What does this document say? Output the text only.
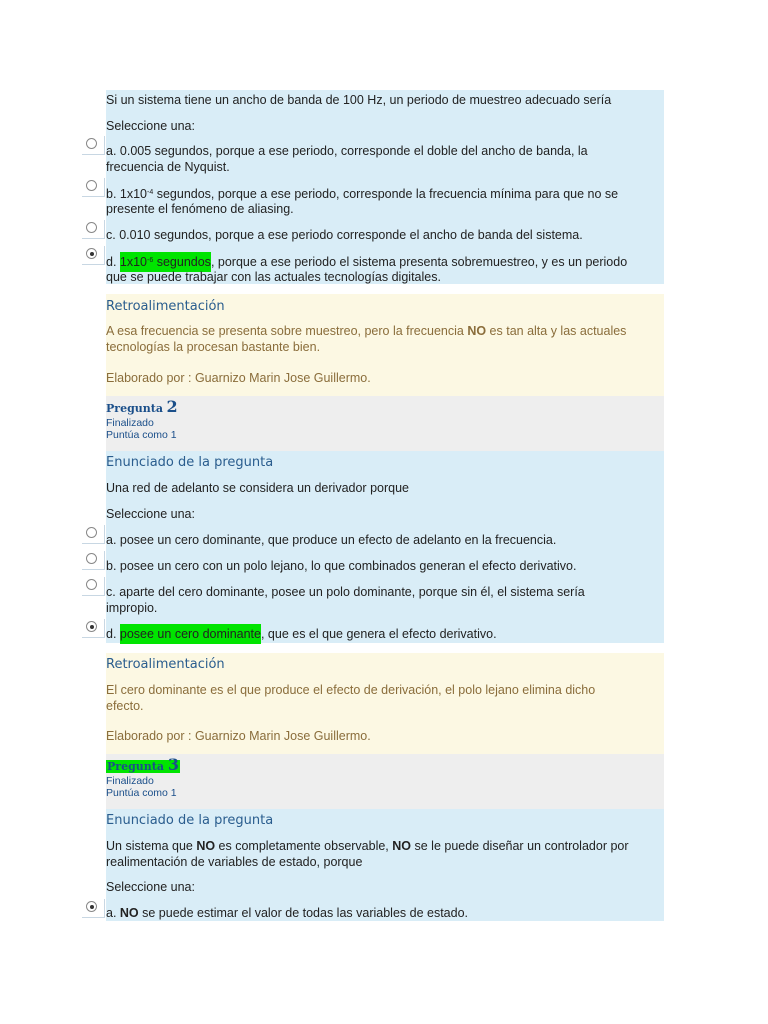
Si un sistema tiene un ancho de banda de 100 Hz, un periodo de muestreo adecuado sería
Seleccione una:
a. 0.005 segundos, porque a ese periodo, corresponde el doble del ancho de banda, la
frecuencia de Nyquist.
b. $1x10^{-4}$ segundos, porque a ese periodo, corresponde la frecuencia mínima para que no se
presente el fenómeno de aliasing.
c. 0.010 segundos, porque a ese periodo corresponde el ancho de banda del sistema.
d. $1x10^{-6}$ segundos, porque a ese periodo el sistema presenta sobremuestreo, y es un periodo
que se puede trabajar con las actuales tecnologías digitales.
Retroalimentación
A esa frecuencia se presenta sobre muestreo, pero la frecuencia NO es tan alta y las actuales
tecnologías la procesan bastante bien.
Elaborado por : Guarnizo Marin Jose Guillermo.
Pregunta 2
Finalizado
Puntúa como 1
Enunciado de la pregunta
Una red de adelanto se considera un derivador porque
Seleccione una:
a. posee un cero dominante, que produce un efecto de adelanto en la frecuencia.
b. posee un cero con un polo lejano, lo que combinados generan el efecto derivativo.
c. aparte del cero dominante, posee un polo dominante, porque sin él, el sistema sería
impropio.
d. posee un cero dominante, que es el que genera el efecto derivativo.
Retroalimentación
El cero dominante es el que produce el efecto de derivación, el polo lejano elimina dicho
efecto.
Elaborado por : Guarnizo Marin Jose Guillermo.
Pregunta 3
Finalizado
Puntúa como 1
Enunciado de la pregunta
Un sistema que NO es completamente observable, NO se le puede diseñar un controlador por
realimentación de variables de estado, porque
Seleccione una:
a. NO se puede estimar el valor de todas las variables de estado.
